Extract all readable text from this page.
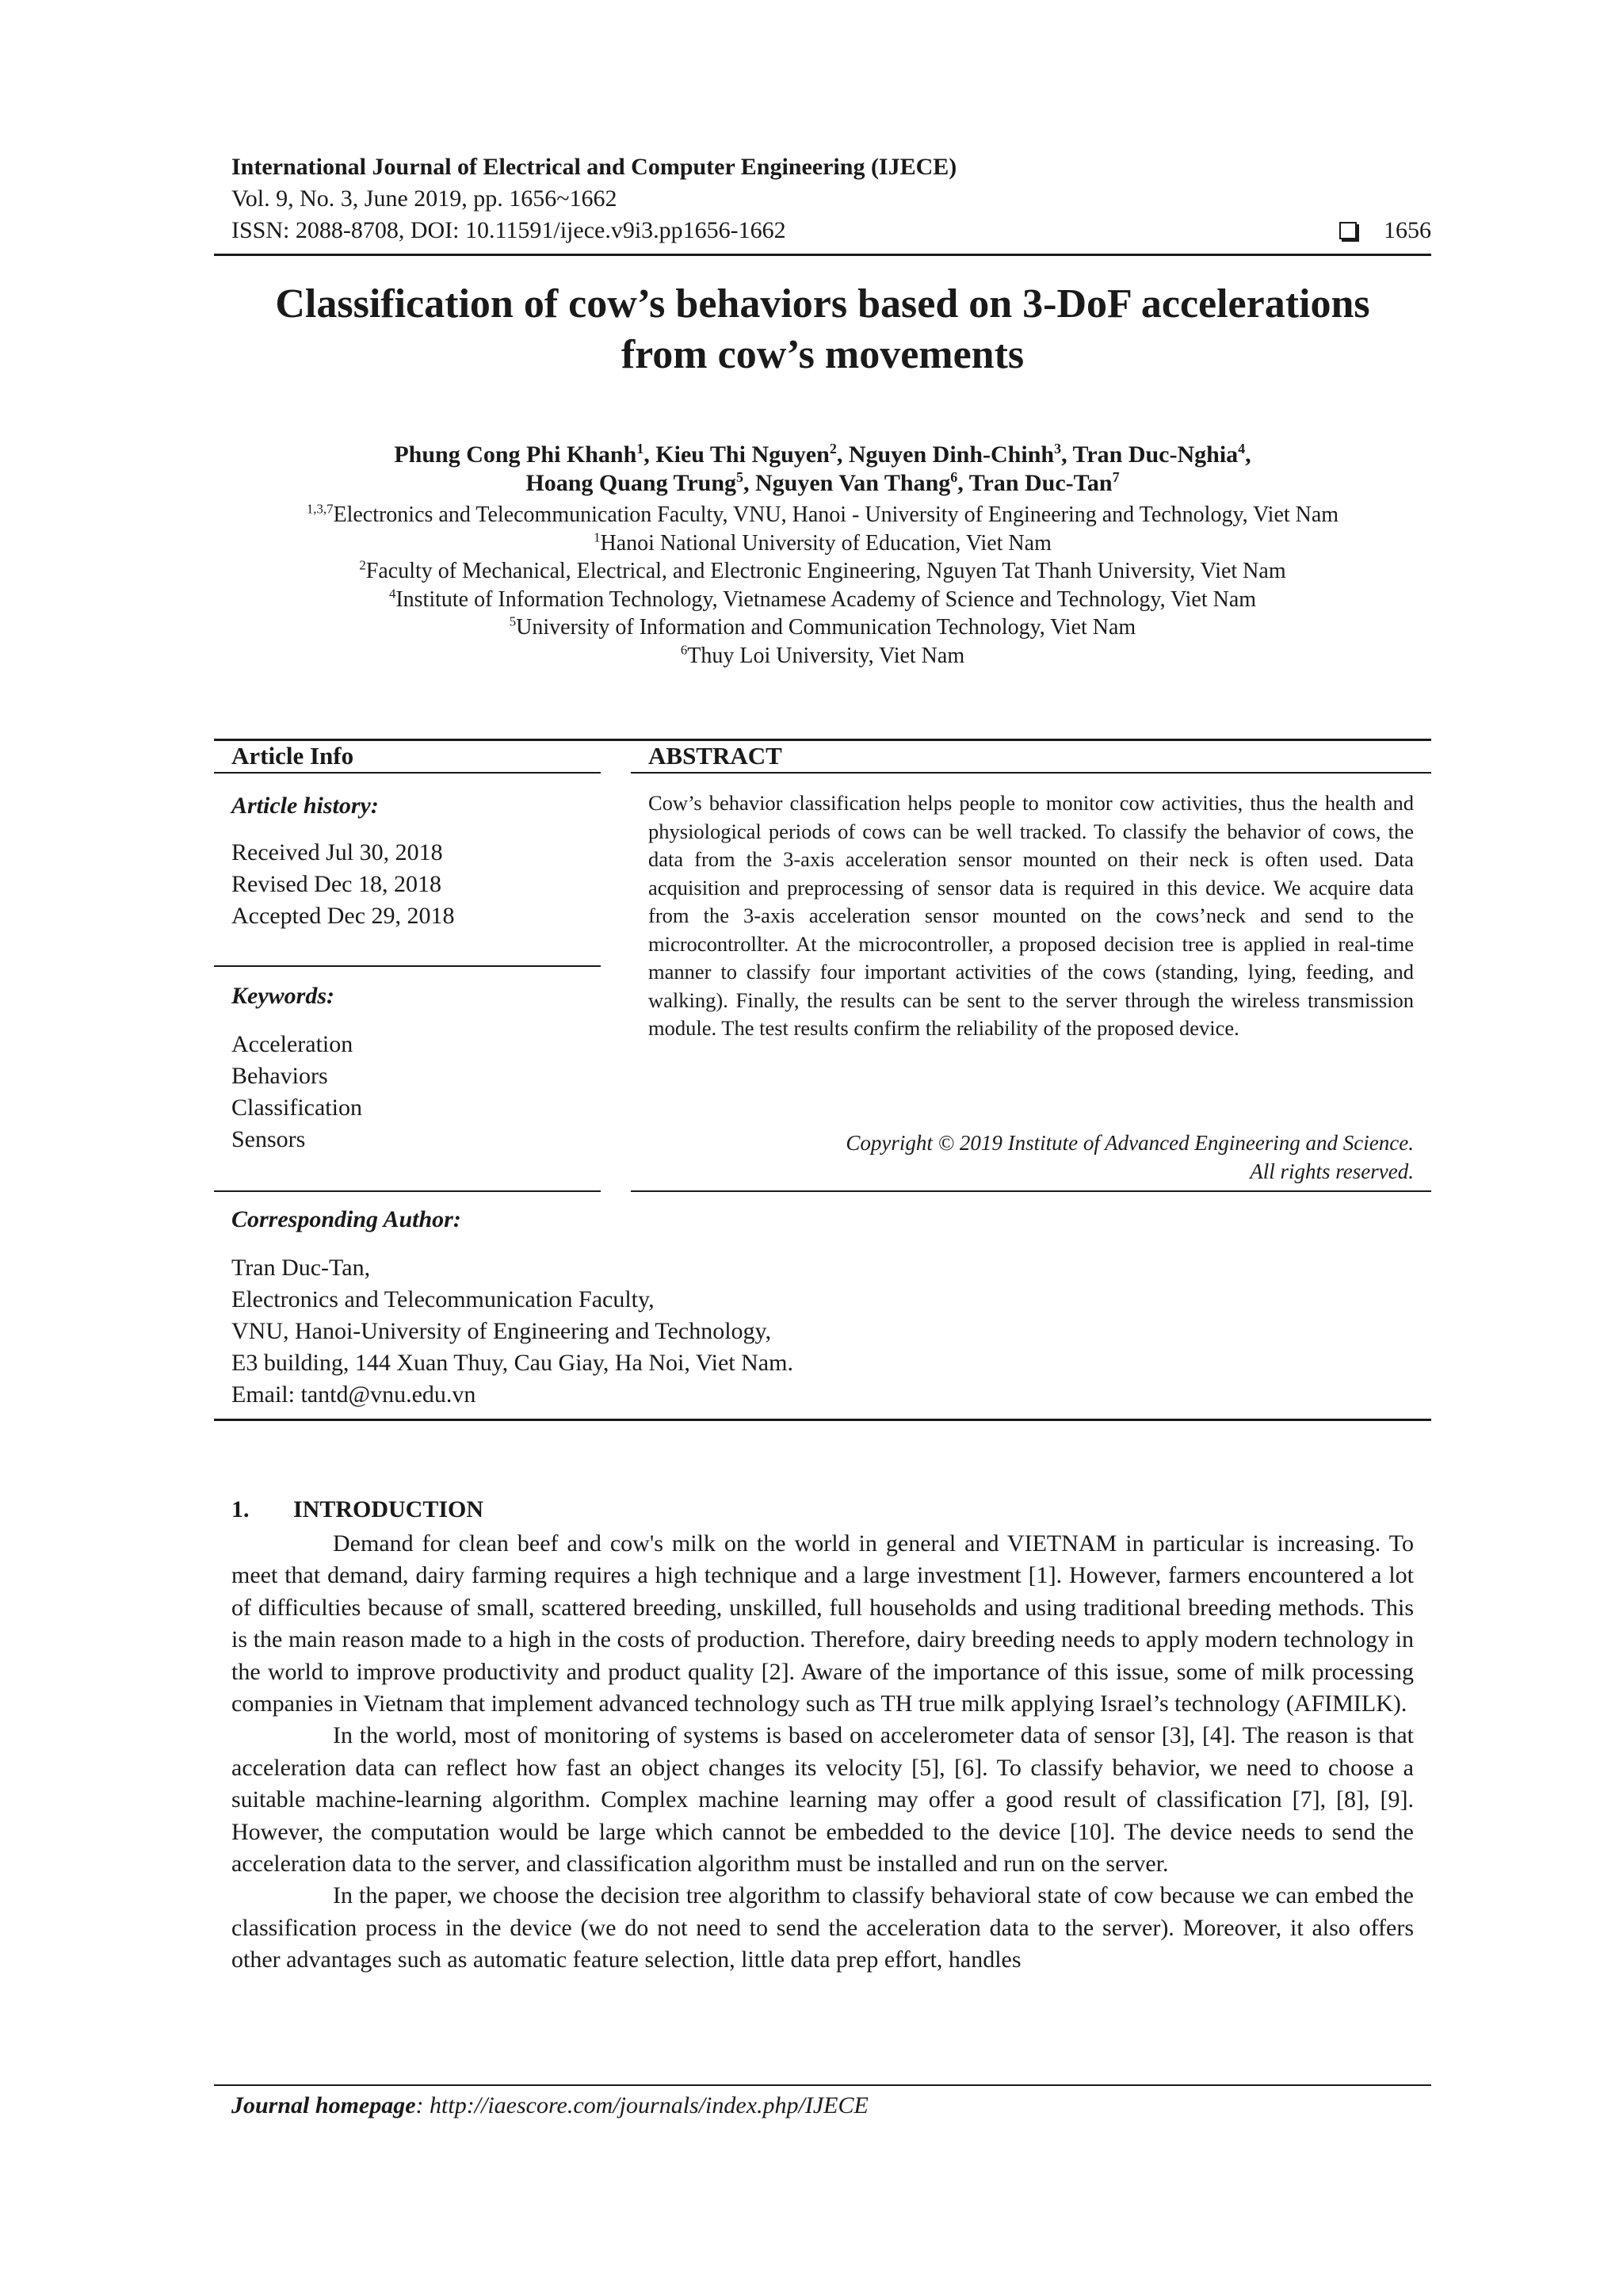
International Journal of Electrical and Computer Engineering (IJECE)
Vol. 9, No. 3, June 2019, pp. 1656~1662
ISSN: 2088-8708, DOI: 10.11591/ijece.v9i3.pp1656-1662	1656
Classification of cow’s behaviors based on 3-DoF accelerations
from cow’s movements
Phung Cong Phi Khanh$^1$, Kieu Thi Nguyen$^2$, Nguyen Dinh-Chinh$^3$, Tran Duc-Nghia$^4$,
Hoang Quang Trung$^5$, Nguyen Van Thang$^6$, Tran Duc-Tan$^7$
$^{1,3,7}$Electronics and Telecommunication Faculty, VNU, Hanoi - University of Engineering and Technology, Viet Nam
$^1$Hanoi National University of Education, Viet Nam
$^2$Faculty of Mechanical, Electrical, and Electronic Engineering, Nguyen Tat Thanh University, Viet Nam
$^4$Institute of Information Technology, Vietnamese Academy of Science and Technology, Viet Nam
$^5$University of Information and Communication Technology, Viet Nam
$^6$Thuy Loi University, Viet Nam
Article Info	ABSTRACT
Article history:
Received Jul 30, 2018
Revised Dec 18, 2018
Accepted Dec 29, 2018
Keywords:
Acceleration
Behaviors
Classification
Sensors
Cow’s behavior classification helps people to monitor cow activities, thus the health and physiological periods of cows can be well tracked. To classify the behavior of cows, the data from the 3-axis acceleration sensor mounted on their neck is often used. Data acquisition and preprocessing of sensor data is required in this device. We acquire data from the 3-axis acceleration sensor mounted on the cows’neck and send to the microcontrollter. At the microcontroller, a proposed decision tree is applied in real-time manner to classify four important activities of the cows (standing, lying, feeding, and walking). Finally, the results can be sent to the server through the wireless transmission module. The test results confirm the reliability of the proposed device.
Copyright © 2019 Institute of Advanced Engineering and Science.
All rights reserved.
Corresponding Author:
Tran Duc-Tan,
Electronics and Telecommunication Faculty,
VNU, Hanoi-University of Engineering and Technology,
E3 building, 144 Xuan Thuy, Cau Giay, Ha Noi, Viet Nam.
Email: tantd@vnu.edu.vn
1. INTRODUCTION

Demand for clean beef and cow's milk on the world in general and VIETNAM in particular is increasing. To meet that demand, dairy farming requires a high technique and a large investment [1]. However, farmers encountered a lot of difficulties because of small, scattered breeding, unskilled, full households and using traditional breeding methods. This is the main reason made to a high in the costs of production. Therefore, dairy breeding needs to apply modern technology in the world to improve productivity and product quality [2]. Aware of the importance of this issue, some of milk processing companies in Vietnam that implement advanced technology such as TH true milk applying Israel’s technology (AFIMILK).

In the world, most of monitoring of systems is based on accelerometer data of sensor [3], [4]. The reason is that acceleration data can reflect how fast an object changes its velocity [5], [6]. To classify behavior, we need to choose a suitable machine-learning algorithm. Complex machine learning may offer a good result of classification [7], [8], [9]. However, the computation would be large which cannot be embedded to the device [10]. The device needs to send the acceleration data to the server, and classification algorithm must be installed and run on the server.

In the paper, we choose the decision tree algorithm to classify behavioral state of cow because we can embed the classification process in the device (we do not need to send the acceleration data to the server). Moreover, it also offers other advantages such as automatic feature selection, little data prep effort, handles

Journal homepage: http://iaescore.com/journals/index.php/IJECE
